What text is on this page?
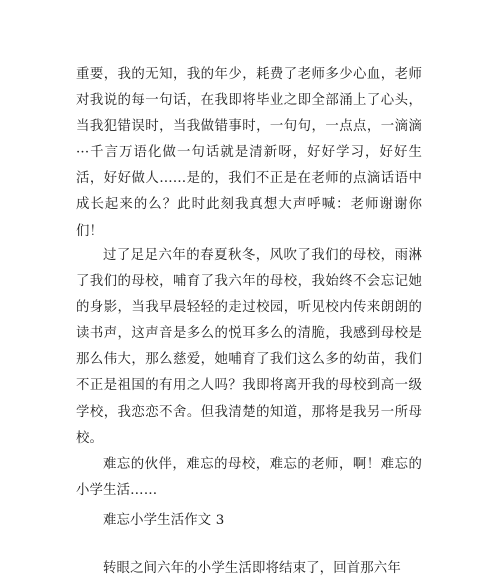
重要，我的无知，我的年少，耗费了老师多少心血，老师对我说的每一句话，在我即将毕业之即全部涌上了心头，当我犯错误时，当我做错事时，一句句，一点点，一滴滴···千言万语化做一句话就是清新呀，好好学习，好好生活，好好做人……是的，我们不正是在老师的点滴话语中成长起来的么？此时此刻我真想大声呼喊：老师谢谢你们！

过了足足六年的春夏秋冬，风吹了我们的母校，雨淋了我们的母校，哺育了我六年的母校，我始终不会忘记她的身影，当我早晨轻轻的走过校园，听见校内传来朗朗的读书声，这声音是多么的悦耳多么的清脆，我感到母校是那么伟大，那么慈爱，她哺育了我们这么多的幼苗，我们不正是祖国的有用之人吗？我即将离开我的母校到高一级学校，我恋恋不舍。但我清楚的知道，那将是我另一所母校。

难忘的伙伴，难忘的母校，难忘的老师，啊！难忘的小学生活……

难忘小学生活作文 3

转眼之间六年的小学生活即将结束了，回首那六年
